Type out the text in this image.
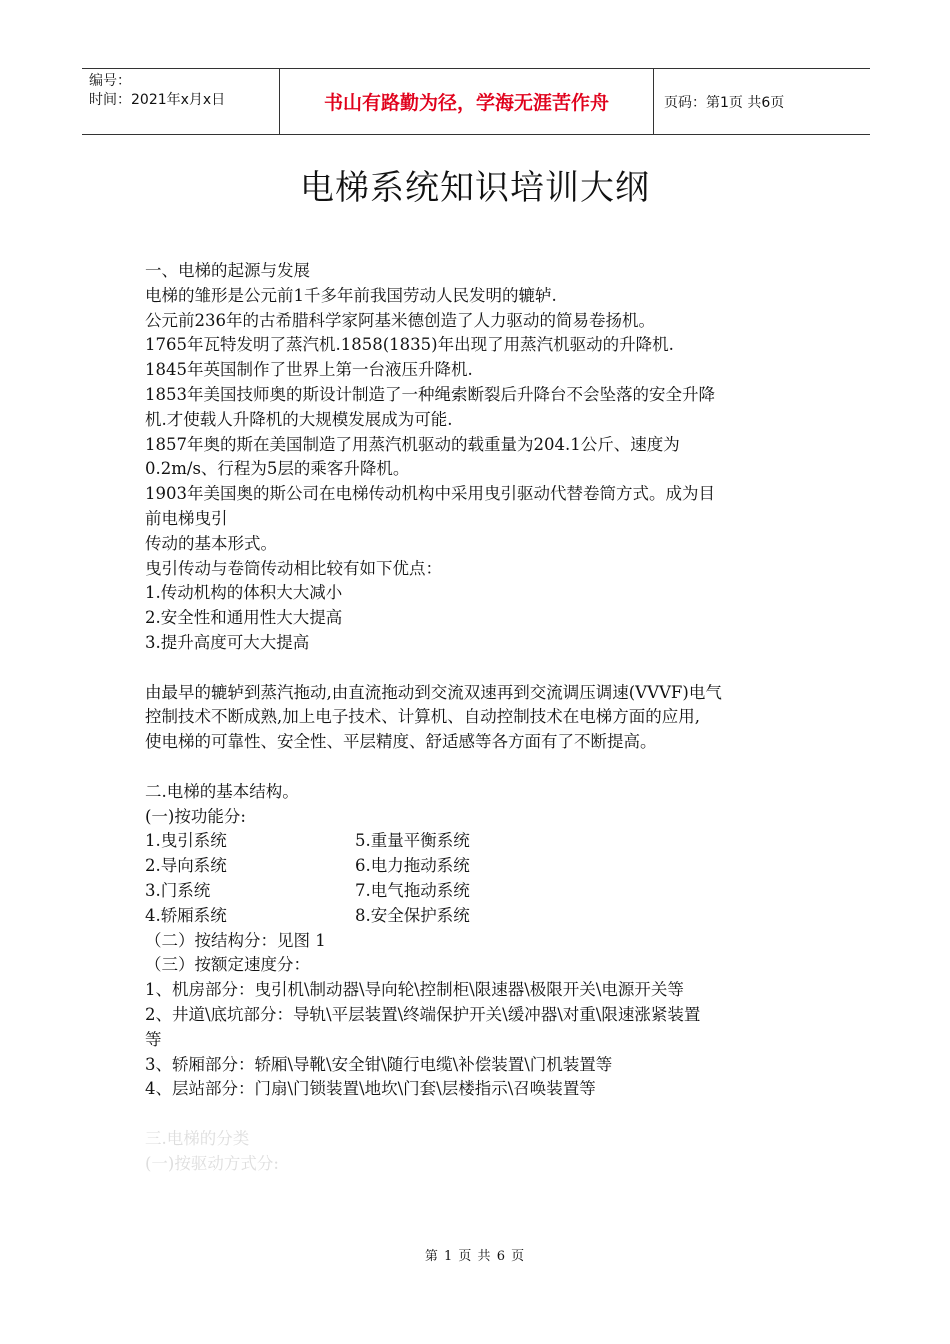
编号：
时间：2021年x月x日	书山有路勤为径，学海无涯苦作舟	页码：第1页 共6页
电梯系统知识培训大纲

一、电梯的起源与发展

电梯的雏形是公元前1千多年前我国劳动人民发明的辘轳.

公元前236年的古希腊科学家阿基米德创造了人力驱动的简易卷扬机。

1765年瓦特发明了蒸汽机.1858(1835)年出现了用蒸汽机驱动的升降机.

1845年英国制作了世界上第一台液压升降机.

1853年美国技师奥的斯设计制造了一种绳索断裂后升降台不会坠落的安全升降

机.才使载人升降机的大规模发展成为可能.

1857年奥的斯在美国制造了用蒸汽机驱动的载重量为204.1公斤、速度为

0.2m/s、行程为5层的乘客升降机。

1903年美国奥的斯公司在电梯传动机构中采用曳引驱动代替卷筒方式。成为目

前电梯曳引

传动的基本形式。

曳引传动与卷筒传动相比较有如下优点：

1.传动机构的体积大大减小

2.安全性和通用性大大提高

3.提升高度可大大提高

由最早的辘轳到蒸汽拖动,由直流拖动到交流双速再到交流调压调速(VVVF)电气

控制技术不断成熟,加上电子技术、计算机、自动控制技术在电梯方面的应用,

使电梯的可靠性、安全性、平层精度、舒适感等各方面有了不断提高。

二.电梯的基本结构。

(一)按功能分:

1.曳引系统	5.重量平衡系统
2.导向系统	6.电力拖动系统
3.门系统	7.电气拖动系统
4.轿厢系统	8.安全保护系统

（二）按结构分：见图 1

（三）按额定速度分：

1、机房部分：曳引机\制动器\导向轮\控制柜\限速器\极限开关\电源开关等

2、井道\底坑部分：导轨\平层装置\终端保护开关\缓冲器\对重\限速涨紧装置

等

3、轿厢部分：轿厢\导靴\安全钳\随行电缆\补偿装置\门机装置等

4、层站部分：门扇\门锁装置\地坎\门套\层楼指示\召唤装置等

三.电梯的分类

(一)按驱动方式分:

第 1 页 共 6 页
